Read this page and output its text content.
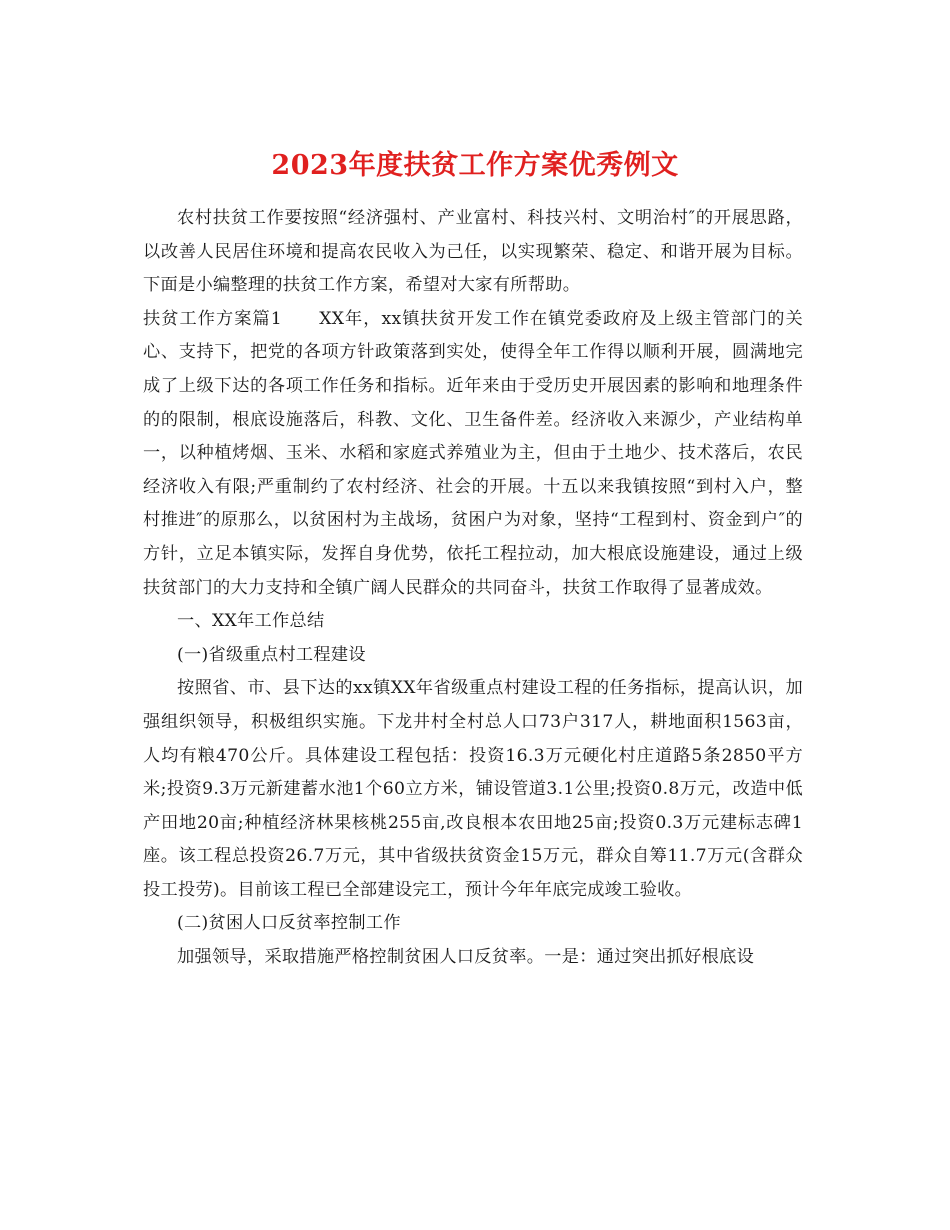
2023年度扶贫工作方案优秀例文

农村扶贫工作要按照“经济强村、产业富村、科技兴村、文明治村″的开展思路，以改善人民居住环境和提高农民收入为己任，以实现繁荣、稳定、和谐开展为目标。下面是小编整理的扶贫工作方案，希望对大家有所帮助。

扶贫工作方案篇1　　XX年，xx镇扶贫开发工作在镇党委政府及上级主管部门的关心、支持下，把党的各项方针政策落到实处，使得全年工作得以顺利开展，圆满地完成了上级下达的各项工作任务和指标。近年来由于受历史开展因素的影响和地理条件的的限制，根底设施落后，科教、文化、卫生备件差。经济收入来源少，产业结构单一，以种植烤烟、玉米、水稻和家庭式养殖业为主，但由于土地少、技术落后，农民经济收入有限;严重制约了农村经济、社会的开展。十五以来我镇按照“到村入户，整村推进″的原那么，以贫困村为主战场，贫困户为对象，坚持“工程到村、资金到户″的方针，立足本镇实际，发挥自身优势，依托工程拉动，加大根底设施建设，通过上级扶贫部门的大力支持和全镇广阔人民群众的共同奋斗，扶贫工作取得了显著成效。

一、XX年工作总结

(一)省级重点村工程建设

按照省、市、县下达的xx镇XX年省级重点村建设工程的任务指标，提高认识，加强组织领导，积极组织实施。下龙井村全村总人口73户317人，耕地面积1563亩，人均有粮470公斤。具体建设工程包括：投资16.3万元硬化村庄道路5条2850平方米;投资9.3万元新建蓄水池1个60立方米，铺设管道3.1公里;投资0.8万元，改造中低产田地20亩;种植经济林果核桃255亩,改良根本农田地25亩;投资0.3万元建标志碑1座。该工程总投资26.7万元，其中省级扶贫资金15万元，群众自筹11.7万元(含群众投工投劳)。目前该工程已全部建设完工，预计今年年底完成竣工验收。

(二)贫困人口反贫率控制工作

加强领导，采取措施严格控制贫困人口反贫率。一是：通过突出抓好根底设
